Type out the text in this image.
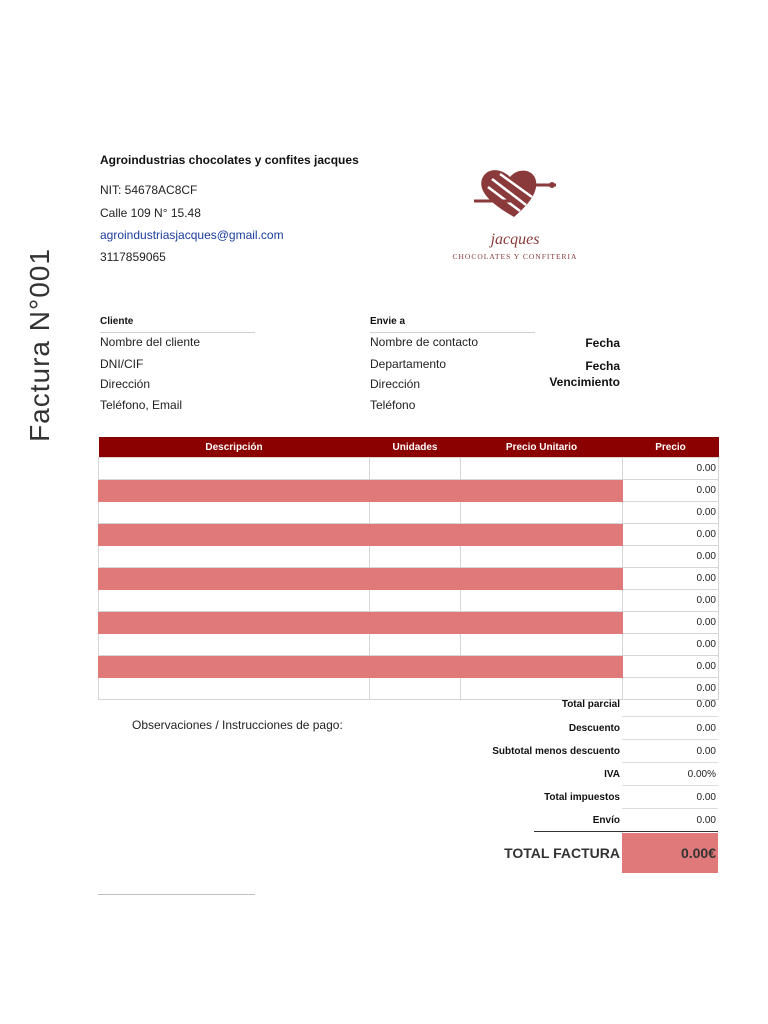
Factura N°001
Agroindustrias chocolates y confites jacques
NIT: 54678AC8CF
Calle 109 N° 15.48
agroindustriasjacques@gmail.com
3117859065
jacques
CHOCOLATES Y CONFITERIA
Cliente
Nombre del cliente
DNI/CIF
Dirección
Teléfono, Email
Envie a
Nombre de contacto
Departamento
Dirección
Teléfono
Fecha
Fecha
Vencimiento
Descripción	Unidades	Precio Unitario	Precio
			0.00
			0.00
			0.00
			0.00
			0.00
			0.00
			0.00
			0.00
			0.00
			0.00
			0.00
Observaciones / Instrucciones de pago:
Total parcial	0.00
Descuento	0.00
Subtotal menos descuento	0.00
IVA	0.00%
Total impuestos	0.00
Envío	0.00
TOTAL FACTURA	0.00€
